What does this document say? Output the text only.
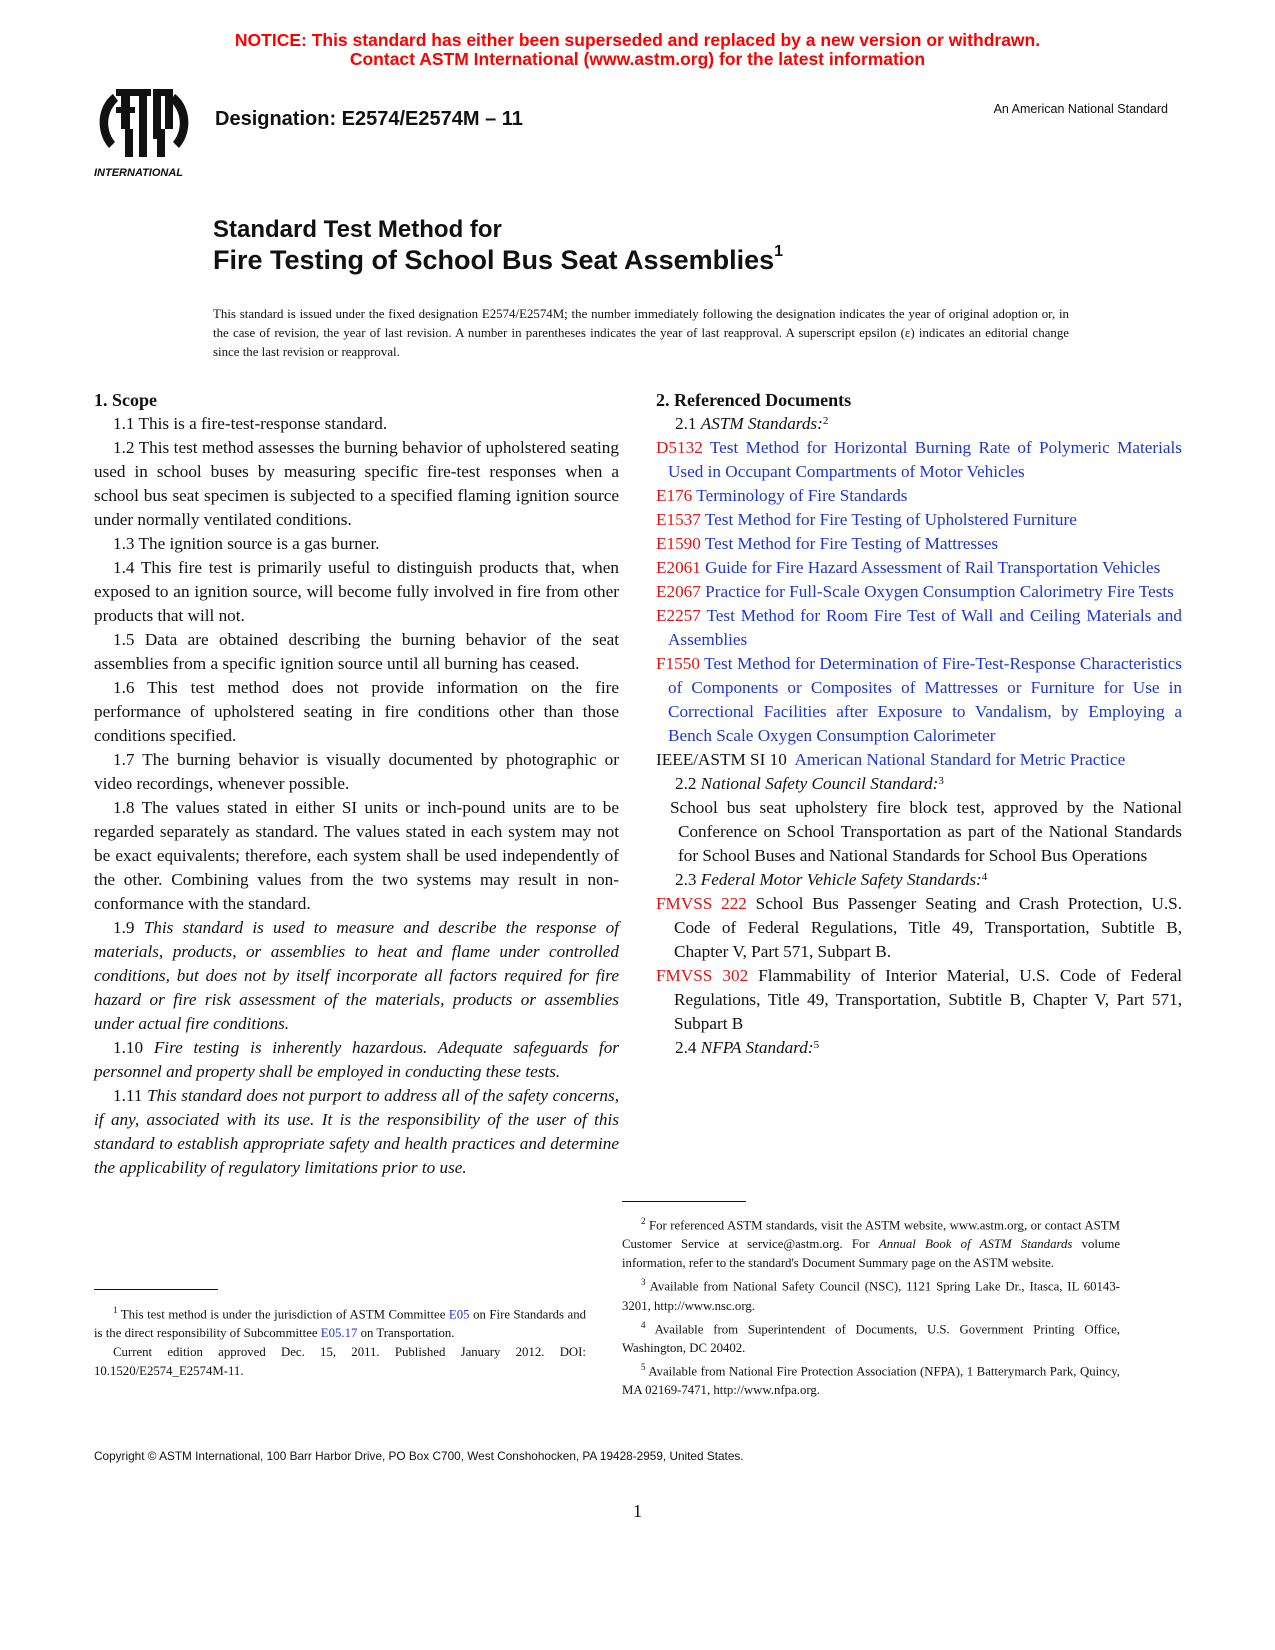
NOTICE: This standard has either been superseded and replaced by a new version or withdrawn.
Contact ASTM International (www.astm.org) for the latest information
INTERNATIONAL
Designation: E2574/E2574M – 11	An American National Standard
Standard Test Method for
Fire Testing of School Bus Seat Assemblies$^1$
This standard is issued under the fixed designation E2574/E2574M; the number immediately following the designation indicates the year of original adoption or, in the case of revision, the year of last revision. A number in parentheses indicates the year of last reapproval. A superscript epsilon (ε) indicates an editorial change since the last revision or reapproval.

1. Scope

1.1 This is a fire-test-response standard.

1.2 This test method assesses the burning behavior of upholstered seating used in school buses by measuring specific fire-test responses when a school bus seat specimen is subjected to a specified flaming ignition source under normally ventilated conditions.

1.3 The ignition source is a gas burner.

1.4 This fire test is primarily useful to distinguish products that, when exposed to an ignition source, will become fully involved in fire from other products that will not.

1.5 Data are obtained describing the burning behavior of the seat assemblies from a specific ignition source until all burning has ceased.

1.6 This test method does not provide information on the fire performance of upholstered seating in fire conditions other than those conditions specified.

1.7 The burning behavior is visually documented by photographic or video recordings, whenever possible.

1.8 The values stated in either SI units or inch-pound units are to be regarded separately as standard. The values stated in each system may not be exact equivalents; therefore, each system shall be used independently of the other. Combining values from the two systems may result in non-conformance with the standard.

1.9 This standard is used to measure and describe the response of materials, products, or assemblies to heat and flame under controlled conditions, but does not by itself incorporate all factors required for fire hazard or fire risk assessment of the materials, products or assemblies under actual fire conditions.

1.10 Fire testing is inherently hazardous. Adequate safeguards for personnel and property shall be employed in conducting these tests.

1.11 This standard does not purport to address all of the safety concerns, if any, associated with its use. It is the responsibility of the user of this standard to establish appropriate safety and health practices and determine the applicability of regulatory limitations prior to use.

$^1$ This test method is under the jurisdiction of ASTM Committee E05 on Fire Standards and is the direct responsibility of Subcommittee E05.17 on Transportation.

Current edition approved Dec. 15, 2011. Published January 2012. DOI: 10.1520/E2574_E2574M-11.

2. Referenced Documents

2.1 ASTM Standards:$^2$

D5132 Test Method for Horizontal Burning Rate of Polymeric Materials Used in Occupant Compartments of Motor Vehicles

E176 Terminology of Fire Standards

E1537 Test Method for Fire Testing of Upholstered Furniture

E1590 Test Method for Fire Testing of Mattresses

E2061 Guide for Fire Hazard Assessment of Rail Transportation Vehicles

E2067 Practice for Full-Scale Oxygen Consumption Calorimetry Fire Tests

E2257 Test Method for Room Fire Test of Wall and Ceiling Materials and Assemblies

F1550 Test Method for Determination of Fire-Test-Response Characteristics of Components or Composites of Mattresses or Furniture for Use in Correctional Facilities after Exposure to Vandalism, by Employing a Bench Scale Oxygen Consumption Calorimeter

IEEE/ASTM SI 10 American National Standard for Metric Practice

2.2 National Safety Council Standard:$^3$

School bus seat upholstery fire block test, approved by the National Conference on School Transportation as part of the National Standards for School Buses and National Standards for School Bus Operations

2.3 Federal Motor Vehicle Safety Standards:$^4$

FMVSS 222 School Bus Passenger Seating and Crash Protection, U.S. Code of Federal Regulations, Title 49, Transportation, Subtitle B, Chapter V, Part 571, Subpart B.

FMVSS 302 Flammability of Interior Material, U.S. Code of Federal Regulations, Title 49, Transportation, Subtitle B, Chapter V, Part 571, Subpart B

2.4 NFPA Standard:$^5$

$^2$ For referenced ASTM standards, visit the ASTM website, www.astm.org, or contact ASTM Customer Service at service@astm.org. For Annual Book of ASTM Standards volume information, refer to the standard's Document Summary page on the ASTM website.

$^3$ Available from National Safety Council (NSC), 1121 Spring Lake Dr., Itasca, IL 60143-3201, http://www.nsc.org.

$^4$ Available from Superintendent of Documents, U.S. Government Printing Office, Washington, DC 20402.

$^5$ Available from National Fire Protection Association (NFPA), 1 Batterymarch Park, Quincy, MA 02169-7471, http://www.nfpa.org.

Copyright © ASTM International, 100 Barr Harbor Drive, PO Box C700, West Conshohocken, PA 19428-2959, United States.
1
